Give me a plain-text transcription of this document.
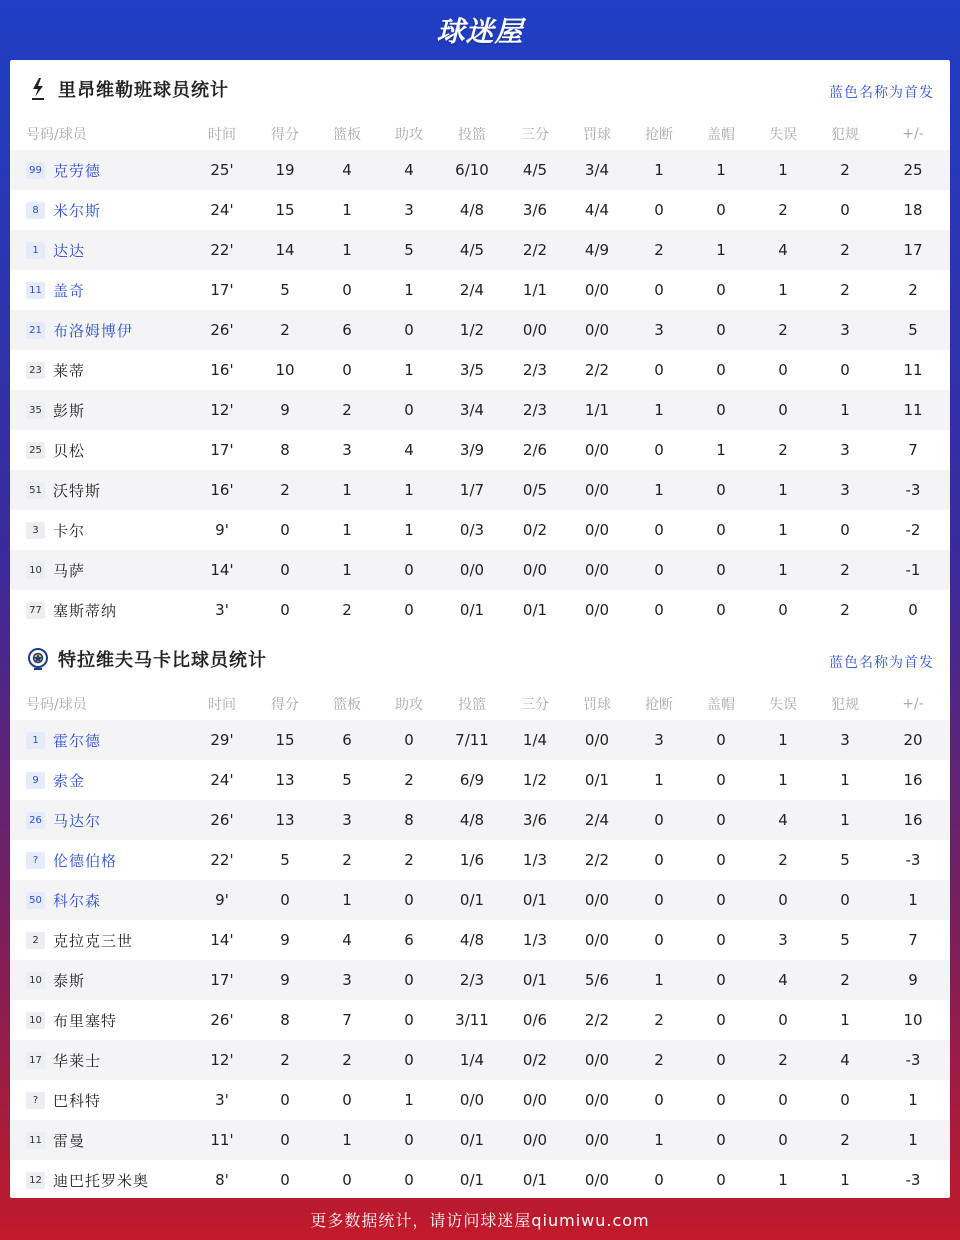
球迷屋
里昂维勒班球员统计	蓝色名称为首发
号码/球员	时间	得分	篮板	助攻	投篮	三分	罚球	抢断	盖帽	失误	犯规	+/-
99 克劳德	25'	19	4	4	6/10	4/5	3/4	1	1	1	2	25
8 米尔斯	24'	15	1	3	4/8	3/6	4/4	0	0	2	0	18
1 达达	22'	14	1	5	4/5	2/2	4/9	2	1	4	2	17
11 盖奇	17'	5	0	1	2/4	1/1	0/0	0	0	1	2	2
21 布洛姆博伊	26'	2	6	0	1/2	0/0	0/0	3	0	2	3	5
23 莱蒂	16'	10	0	1	3/5	2/3	2/2	0	0	0	0	11
35 彭斯	12'	9	2	0	3/4	2/3	1/1	1	0	0	1	11
25 贝松	17'	8	3	4	3/9	2/6	0/0	0	1	2	3	7
51 沃特斯	16'	2	1	1	1/7	0/5	0/0	1	0	1	3	-3
3 卡尔	9'	0	1	1	0/3	0/2	0/0	0	0	1	0	-2
10 马萨	14'	0	1	0	0/0	0/0	0/0	0	0	1	2	-1
77 塞斯蒂纳	3'	0	2	0	0/1	0/1	0/0	0	0	0	2	0
特拉维夫马卡比球员统计	蓝色名称为首发
号码/球员	时间	得分	篮板	助攻	投篮	三分	罚球	抢断	盖帽	失误	犯规	+/-
1 霍尔德	29'	15	6	0	7/11	1/4	0/0	3	0	1	3	20
9 索金	24'	13	5	2	6/9	1/2	0/1	1	0	1	1	16
26 马达尔	26'	13	3	8	4/8	3/6	2/4	0	0	4	1	16
? 伦德伯格	22'	5	2	2	1/6	1/3	2/2	0	0	2	5	-3
50 科尔森	9'	0	1	0	0/1	0/1	0/0	0	0	0	0	1
2 克拉克三世	14'	9	4	6	4/8	1/3	0/0	0	0	3	5	7
10 泰斯	17'	9	3	0	2/3	0/1	5/6	1	0	4	2	9
10 布里塞特	26'	8	7	0	3/11	0/6	2/2	2	0	0	1	10
17 华莱士	12'	2	2	0	1/4	0/2	0/0	2	0	2	4	-3
? 巴科特	3'	0	0	1	0/0	0/0	0/0	0	0	0	0	1
11 雷曼	11'	0	1	0	0/1	0/0	0/0	1	0	0	2	1
12 迪巴托罗米奥	8'	0	0	0	0/1	0/1	0/0	0	0	1	1	-3
更多数据统计，请访问球迷屋qiumiwu.com
